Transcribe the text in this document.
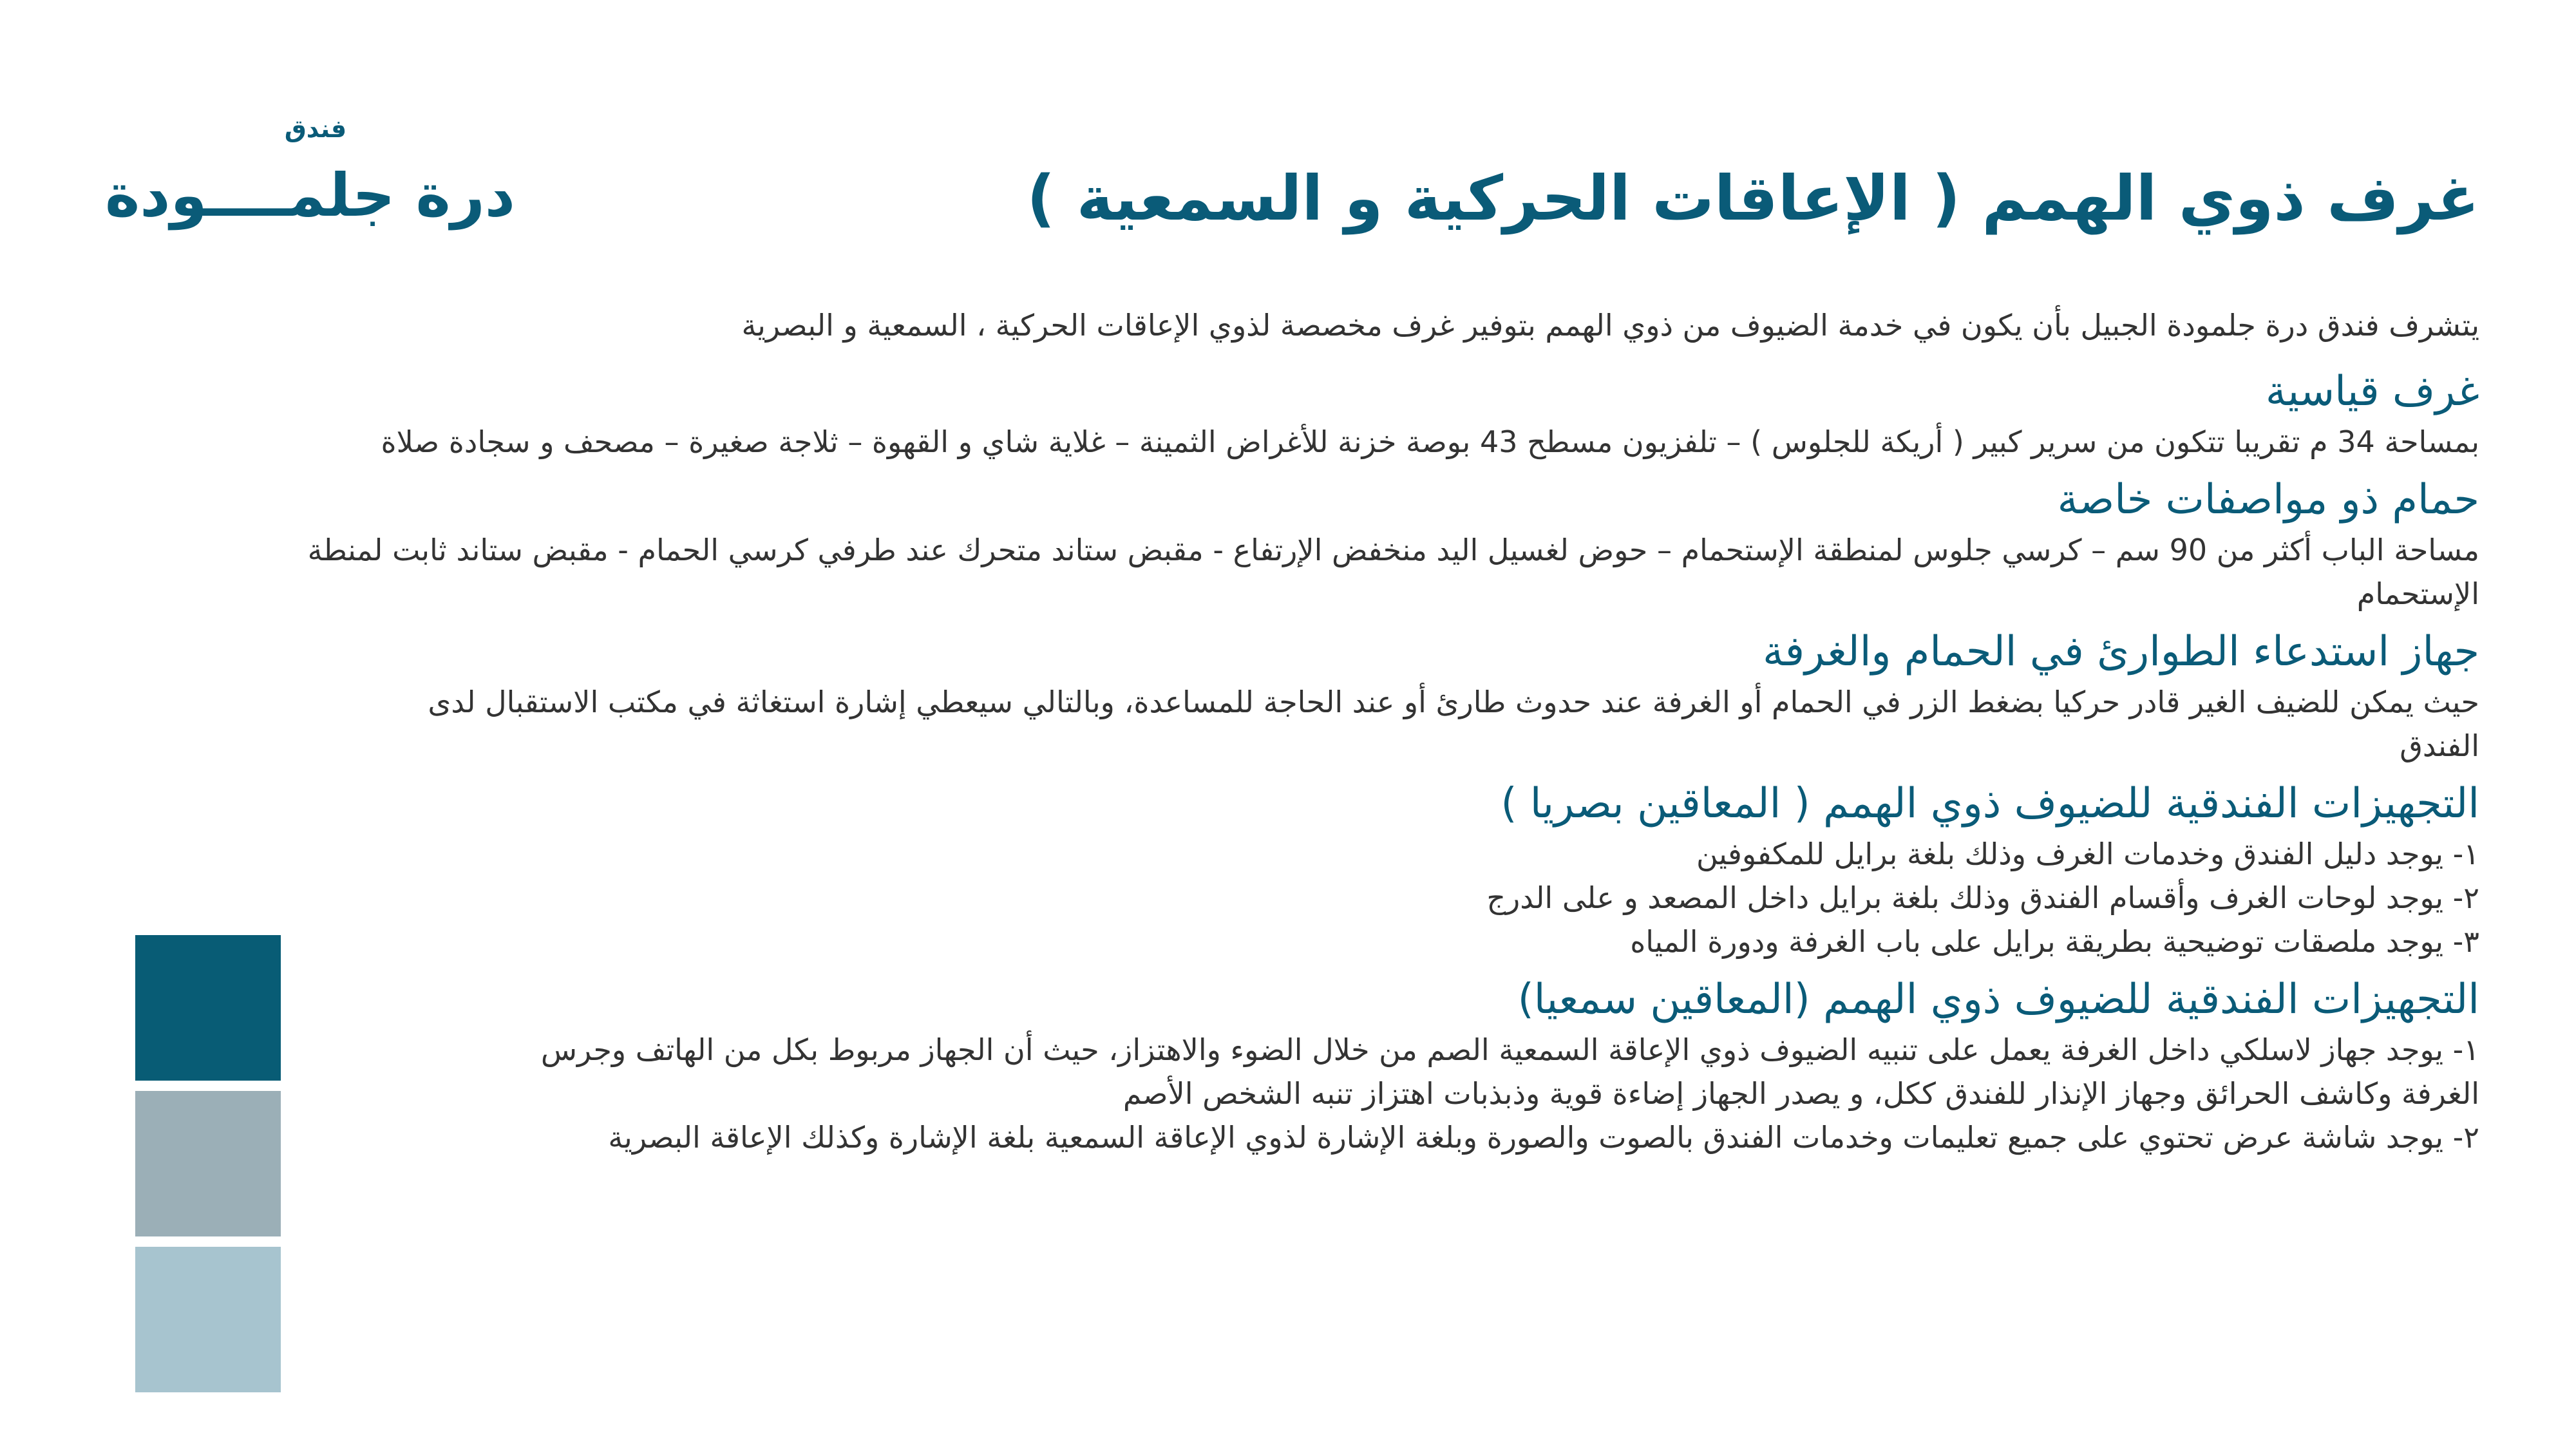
فندق
درة جلمــــودة	غرف ذوي الهمم ( الإعاقات الحركية و السمعية )

يتشرف فندق درة جلمودة الجبيل بأن يكون في خدمة الضيوف من ذوي الهمم بتوفير غرف مخصصة لذوي الإعاقات الحركية ، السمعية و البصرية

غرف قياسية

بمساحة 34 م تقريبا تتكون من سرير كبير ( أريكة للجلوس ) – تلفزيون مسطح 43 بوصة خزنة للأغراض الثمينة – غلاية شاي و القهوة – ثلاجة صغيرة – مصحف و سجادة صلاة

حمام ذو مواصفات خاصة

مساحة الباب أكثر من 90 سم – كرسي جلوس لمنطقة الإستحمام – حوض لغسيل اليد منخفض الإرتفاع - مقبض ستاند متحرك عند طرفي كرسي الحمام - مقبض ستاند ثابت لمنطة الإستحمام

جهاز استدعاء الطوارئ في الحمام والغرفة

حيث يمكن للضيف الغير قادر حركيا بضغط الزر في الحمام أو الغرفة عند حدوث طارئ أو عند الحاجة للمساعدة، وبالتالي سيعطي إشارة استغاثة في مكتب الاستقبال لدى الفندق

التجهيزات الفندقية للضيوف ذوي الهمم ( المعاقين بصريا )
١- يوجد دليل الفندق وخدمات الغرف وذلك بلغة برايل للمكفوفين
٢- يوجد لوحات الغرف وأقسام الفندق وذلك بلغة برايل داخل المصعد و على الدرج
٣- يوجد ملصقات توضيحية بطريقة برايل على باب الغرفة ودورة المياه
التجهيزات الفندقية للضيوف ذوي الهمم (المعاقين سمعيا)
١- يوجد جهاز لاسلكي داخل الغرفة يعمل على تنبيه الضيوف ذوي الإعاقة السمعية الصم من خلال الضوء والاهتزاز، حيث أن الجهاز مربوط بكل من الهاتف وجرس الغرفة وكاشف الحرائق وجهاز الإنذار للفندق ككل، و يصدر الجهاز إضاءة قوية وذبذبات اهتزاز تنبه الشخص الأصم
٢- يوجد شاشة عرض تحتوي على جميع تعليمات وخدمات الفندق بالصوت والصورة وبلغة الإشارة لذوي الإعاقة السمعية بلغة الإشارة وكذلك الإعاقة البصرية
